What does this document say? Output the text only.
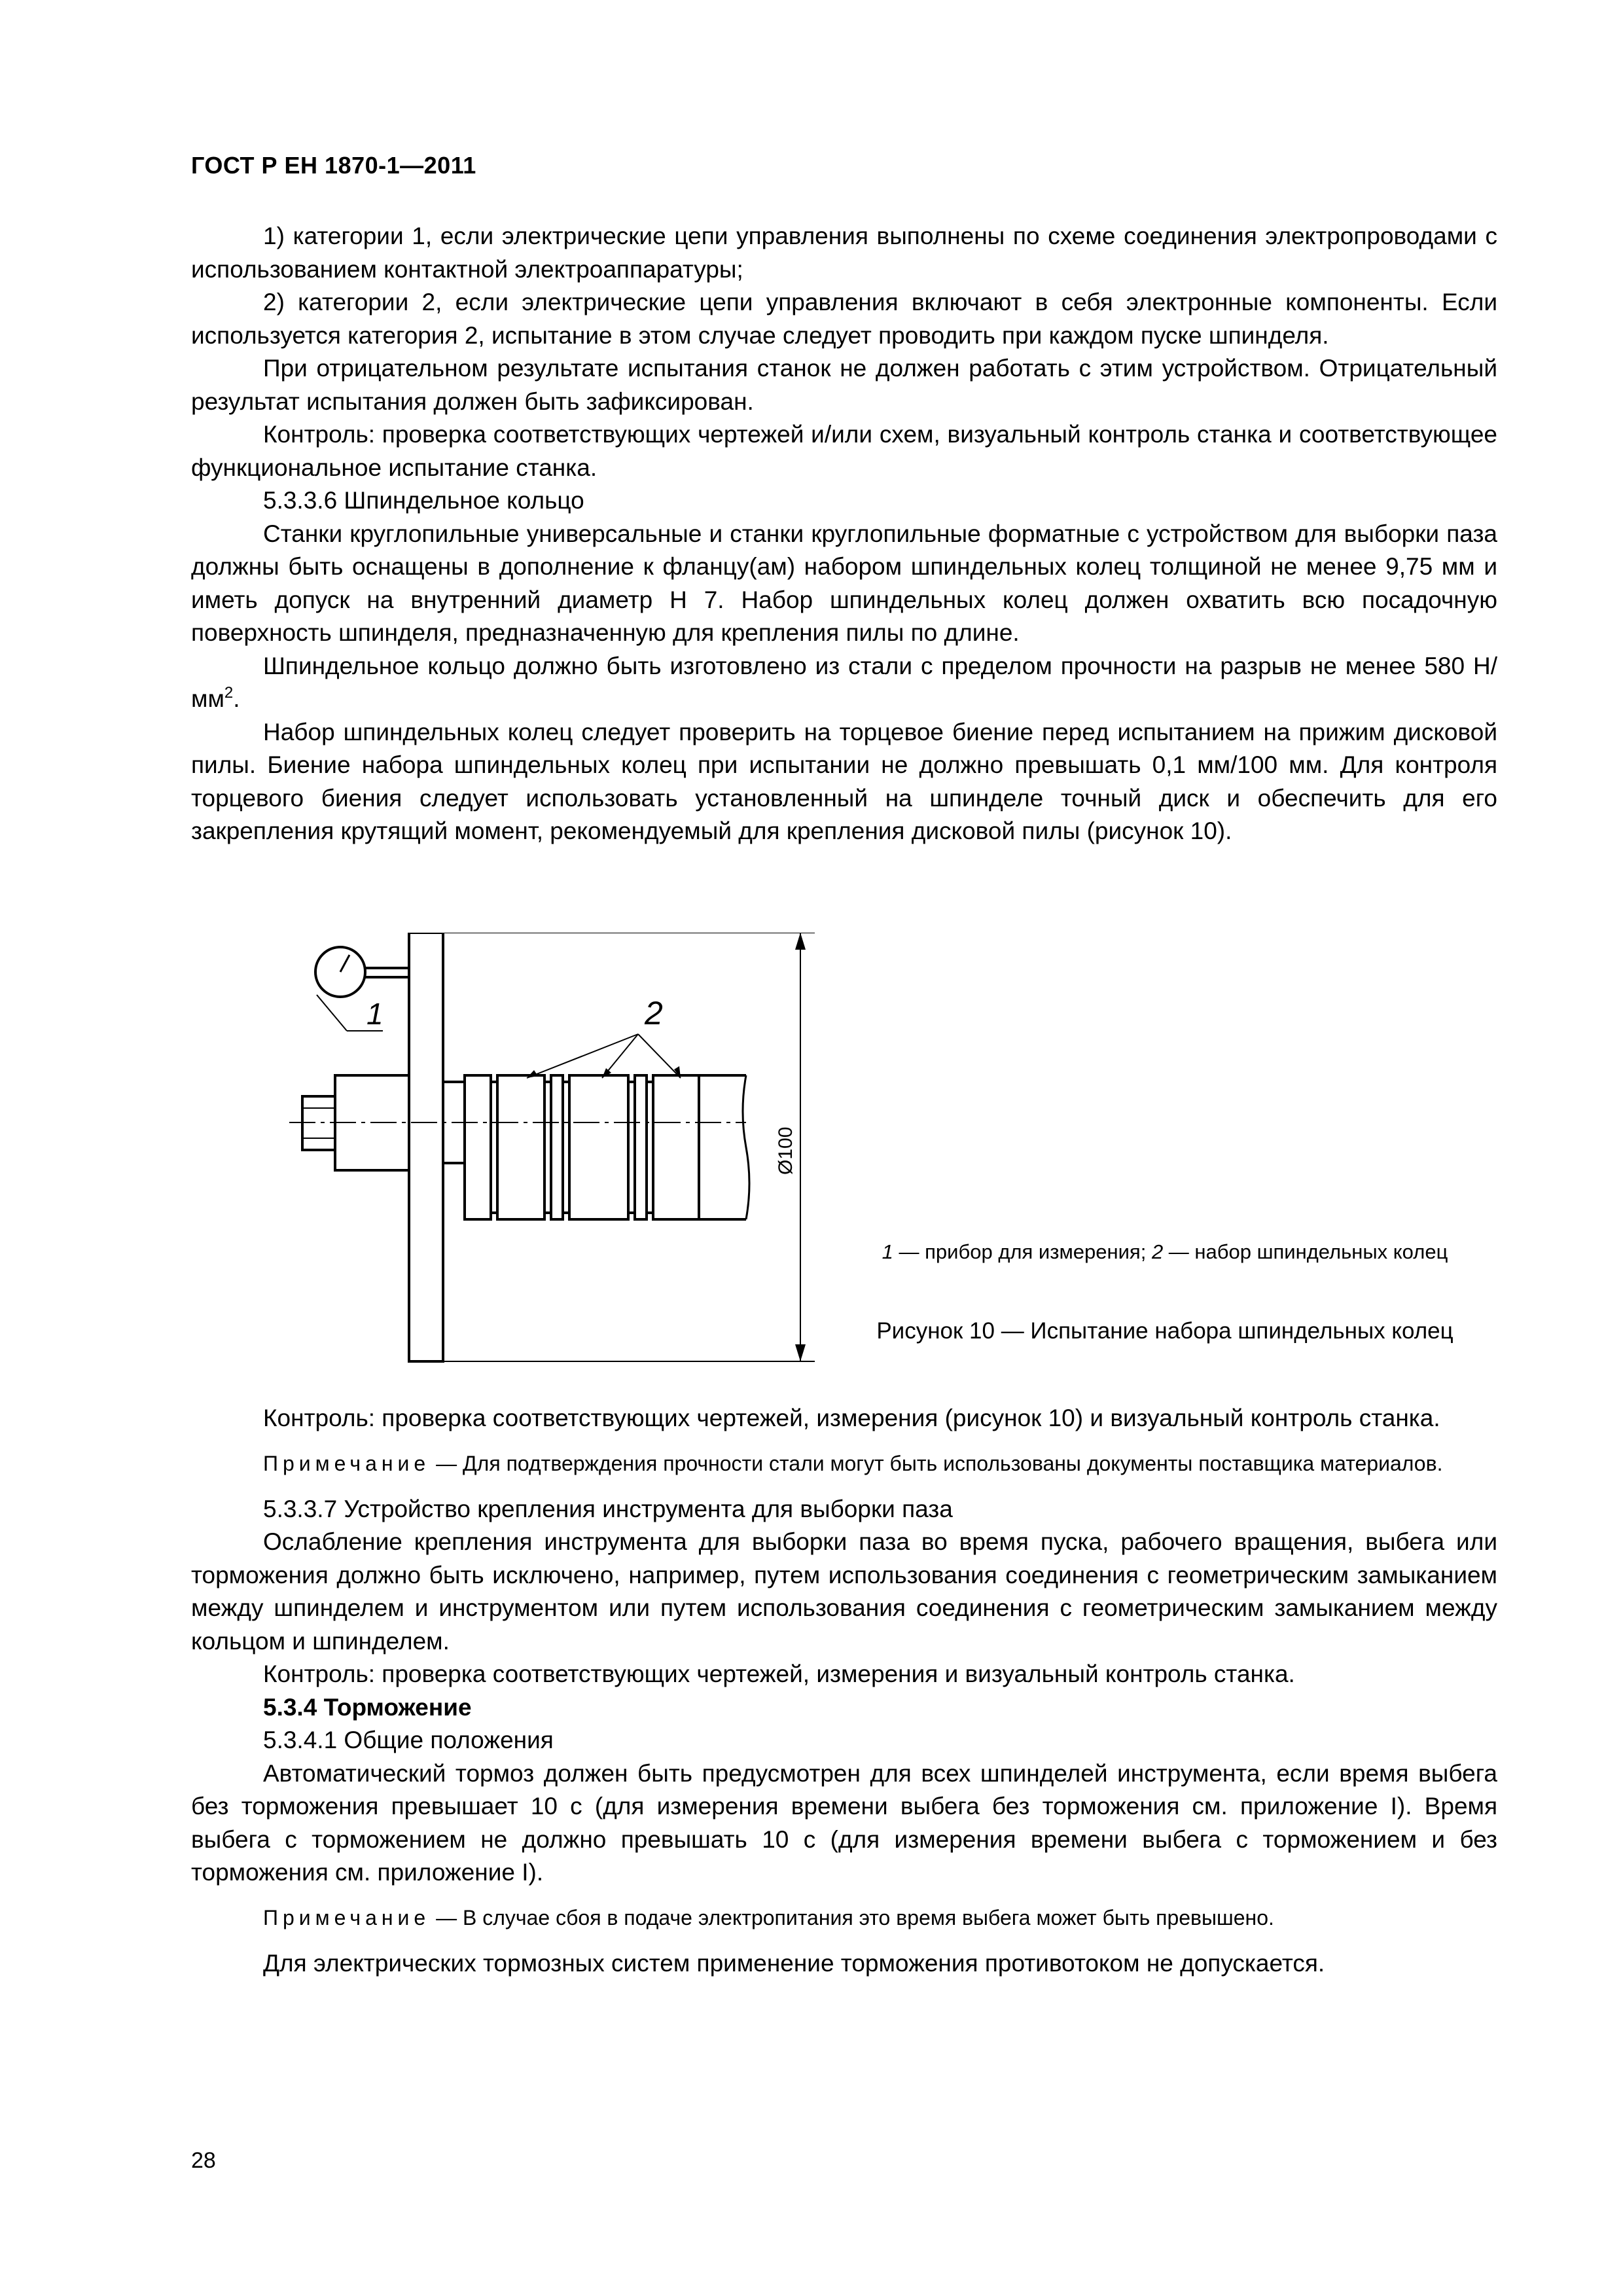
ГОСТ Р ЕН 1870-1—2011

1) категории 1, если электрические цепи управления выполнены по схеме соединения электропроводами с использованием контактной электроаппаратуры;

2) категории 2, если электрические цепи управления включают в себя электронные компоненты. Если используется категория 2, испытание в этом случае следует проводить при каждом пуске шпинделя.

При отрицательном результате испытания станок не должен работать с этим устройством. Отрицательный результат испытания должен быть зафиксирован.

Контроль: проверка соответствующих чертежей и/или схем, визуальный контроль станка и соответствующее функциональное испытание станка.

5.3.3.6 Шпиндельное кольцо

Станки круглопильные универсальные и станки круглопильные форматные с устройством для выборки паза должны быть оснащены в дополнение к фланцу(ам) набором шпиндельных колец толщиной не менее 9,75 мм и иметь допуск на внутренний диаметр Н 7. Набор шпиндельных колец должен охватить всю посадочную поверхность шпинделя, предназначенную для крепления пилы по длине.

Шпиндельное кольцо должно быть изготовлено из стали с пределом прочности на разрыв не менее 580 $Н/мм^2$.

Набор шпиндельных колец следует проверить на торцевое биение перед испытанием на прижим дисковой пилы. Биение набора шпиндельных колец при испытании не должно превышать 0,1 мм/100 мм. Для контроля торцевого биения следует использовать установленный на шпинделе точный диск и обеспечить для его закрепления крутящий момент, рекомендуемый для крепления дисковой пилы (рисунок 10).

1	2
Ø100
1 — прибор для измерения; 2 — набор шпиндельных колец
Рисунок 10 — Испытание набора шпиндельных колец

Контроль: проверка соответствующих чертежей, измерения (рисунок 10) и визуальный контроль станка.

Примечание — Для подтверждения прочности стали могут быть использованы документы поставщика материалов.

5.3.3.7 Устройство крепления инструмента для выборки паза

Ослабление крепления инструмента для выборки паза во время пуска, рабочего вращения, выбега или торможения должно быть исключено, например, путем использования соединения с геометрическим замыканием между шпинделем и инструментом или путем использования соединения с геометрическим замыканием между кольцом и шпинделем.

Контроль: проверка соответствующих чертежей, измерения и визуальный контроль станка.

5.3.4 Торможение

5.3.4.1 Общие положения

Автоматический тормоз должен быть предусмотрен для всех шпинделей инструмента, если время выбега без торможения превышает 10 с (для измерения времени выбега без торможения см. приложение I). Время выбега с торможением не должно превышать 10 с (для измерения времени выбега с торможением и без торможения см. приложение I).

Примечание — В случае сбоя в подаче электропитания это время выбега может быть превышено.

Для электрических тормозных систем применение торможения противотоком не допускается.

28
